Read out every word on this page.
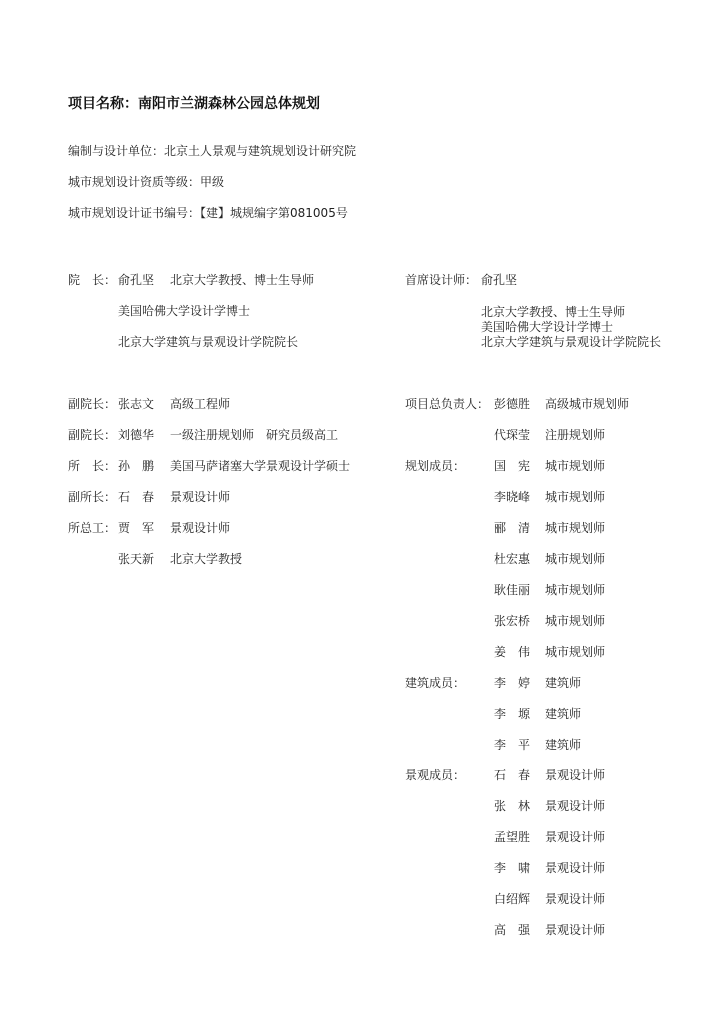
项目名称：南阳市兰湖森林公园总体规划
编制与设计单位：北京土人景观与建筑规划设计研究院
城市规划设计资质等级：甲级
城市规划设计证书编号：【建】城规编字第081005号
院　长： 俞孔坚 北京大学教授、博士生导师
美国哈佛大学设计学博士
北京大学建筑与景观设计学院院长
首席设计师： 俞孔坚
北京大学教授、博士生导师
美国哈佛大学设计学博士
北京大学建筑与景观设计学院院长
副院长： 张志文 高级工程师
副院长： 刘德华 一级注册规划师　研究员级高工
所　长： 孙　鹏 美国马萨诸塞大学景观设计学硕士
副所长： 石　春 景观设计师
所总工： 贾　军 景观设计师
张天新 北京大学教授
项目总负责人： 彭德胜 高级城市规划师
代琛莹 注册规划师
规划成员： 国　宪 城市规划师
李晓峰 城市规划师
郦　清 城市规划师
杜宏惠 城市规划师
耿佳丽 城市规划师
张宏桥 城市规划师
姜　伟 城市规划师
建筑成员： 李　婷 建筑师
李　塬 建筑师
李　平 建筑师
景观成员： 石　春 景观设计师
张　林 景观设计师
孟望胜 景观设计师
李　啸 景观设计师
白绍辉 景观设计师
高　强 景观设计师
